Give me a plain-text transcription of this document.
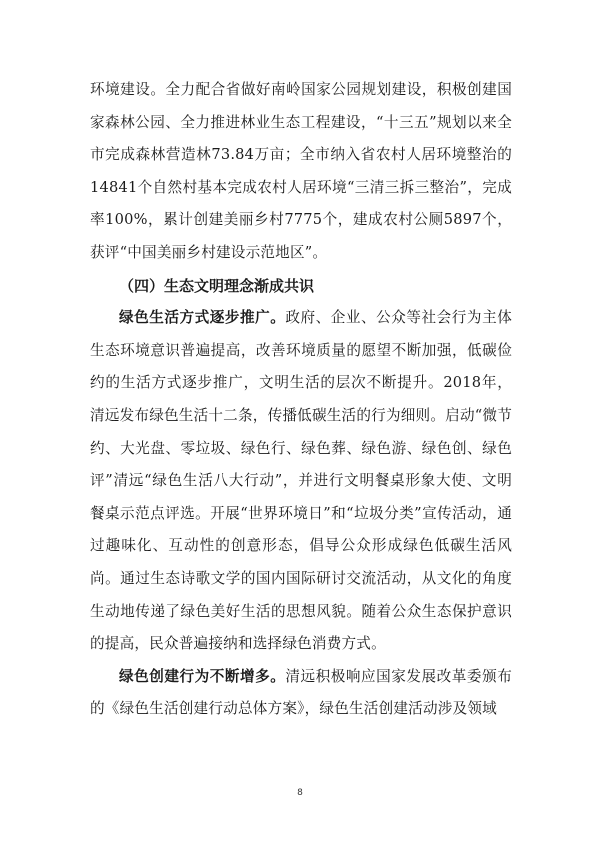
环境建设。全力配合省做好南岭国家公园规划建设，积极创建国家森林公园、全力推进林业生态工程建设，“十三五”规划以来全市完成森林营造林73.84万亩；全市纳入省农村人居环境整治的14841个自然村基本完成农村人居环境“三清三拆三整治”，完成率100%，累计创建美丽乡村7775个，建成农村公厕5897个，获评“中国美丽乡村建设示范地区”。

（四）生态文明理念渐成共识

绿色生活方式逐步推广。政府、企业、公众等社会行为主体生态环境意识普遍提高，改善环境质量的愿望不断加强，低碳俭约的生活方式逐步推广，文明生活的层次不断提升。2018年，清远发布绿色生活十二条，传播低碳生活的行为细则。启动“微节约、大光盘、零垃圾、绿色行、绿色葬、绿色游、绿色创、绿色评”清远“绿色生活八大行动”，并进行文明餐桌形象大使、文明餐桌示范点评选。开展“世界环境日”和“垃圾分类”宣传活动，通过趣味化、互动性的创意形态，倡导公众形成绿色低碳生活风尚。通过生态诗歌文学的国内国际研讨交流活动，从文化的角度生动地传递了绿色美好生活的思想风貌。随着公众生态保护意识的提高，民众普遍接纳和选择绿色消费方式。

绿色创建行为不断增多。清远积极响应国家发展改革委颁布的《绿色生活创建行动总体方案》，绿色生活创建活动涉及领域

8
